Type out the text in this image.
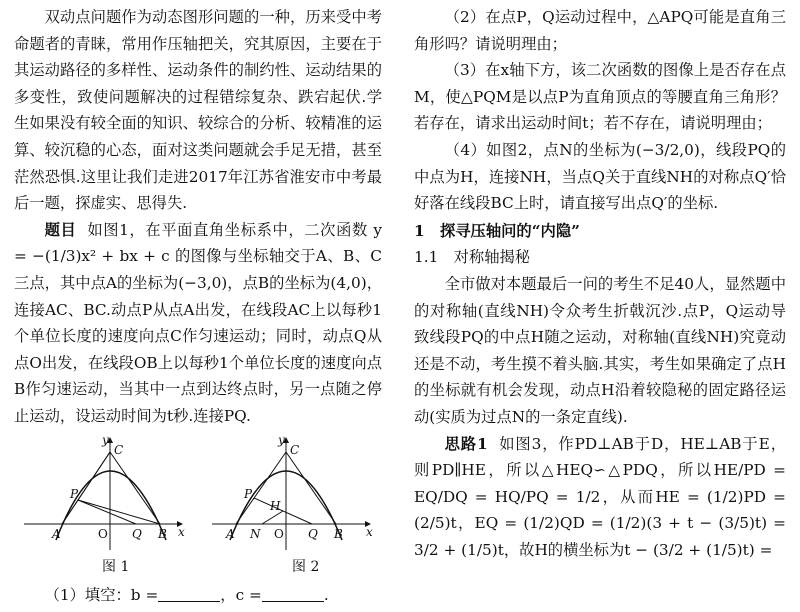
双动点问题作为动态图形问题的一种，历来受中考命题者的青睐，常用作压轴把关，究其原因，主要在于其运动路径的多样性、运动条件的制约性、运动结果的多变性，致使问题解决的过程错综复杂、跌宕起伏.学生如果没有较全面的知识、较综合的分析、较精准的运算、较沉稳的心态，面对这类问题就会手足无措，甚至茫然恐惧.这里让我们走进2017年江苏省淮安市中考最后一题，探虚实、思得失.

题目 如图1，在平面直角坐标系中，二次函数 y = −(1/3)x² + bx + c 的图像与坐标轴交于A、B、C三点，其中点A的坐标为(−3,0)，点B的坐标为(4,0)，连接AC、BC.动点P从点A出发，在线段AC上以每秒1个单位长度的速度向点C作匀速运动；同时，动点Q从点O出发，在线段OB上以每秒1个单位长度的速度向点B作匀速运动，当其中一点到达终点时，另一点随之停止运动，设运动时间为t秒.连接PQ.

y
C
P
A	O Q B x
y
C
P
H
A N O Q B x
图 1	图 2

（1）填空：b =	，c =	.

（2）在点P，Q运动过程中，△APQ可能是直角三角形吗？请说明理由；

（3）在x轴下方，该二次函数的图像上是否存在点M，使△PQM是以点P为直角顶点的等腰直角三角形？若存在，请求出运动时间t；若不存在，请说明理由；

（4）如图2，点N的坐标为(−3/2,0)，线段PQ的中点为H，连接NH，当点Q关于直线NH的对称点Q′恰好落在线段BC上时，请直接写出点Q′的坐标.

1　探寻压轴问的“内隐”

1.1　对称轴揭秘

全市做对本题最后一问的考生不足40人，显然题中的对称轴(直线NH)令众考生折戟沉沙.点P，Q运动导致线段PQ的中点H随之运动，对称轴(直线NH)究竟动还是不动，考生摸不着头脑.其实，考生如果确定了点H的坐标就有机会发现，动点H沿着较隐秘的固定路径运动(实质为过点N的一条定直线).

思路1 如图3，作PD⊥AB于D，HE⊥AB于E，则PD∥HE，所以△HEQ∽△PDQ，所以HE/PD = EQ/DQ = HQ/PQ = 1/2，从而HE = (1/2)PD = (2/5)t，EQ = (1/2)QD = (1/2)(3 + t − (3/5)t) = 3/2 + (1/5)t，故H的横坐标为t − (3/2 + (1/5)t) =
